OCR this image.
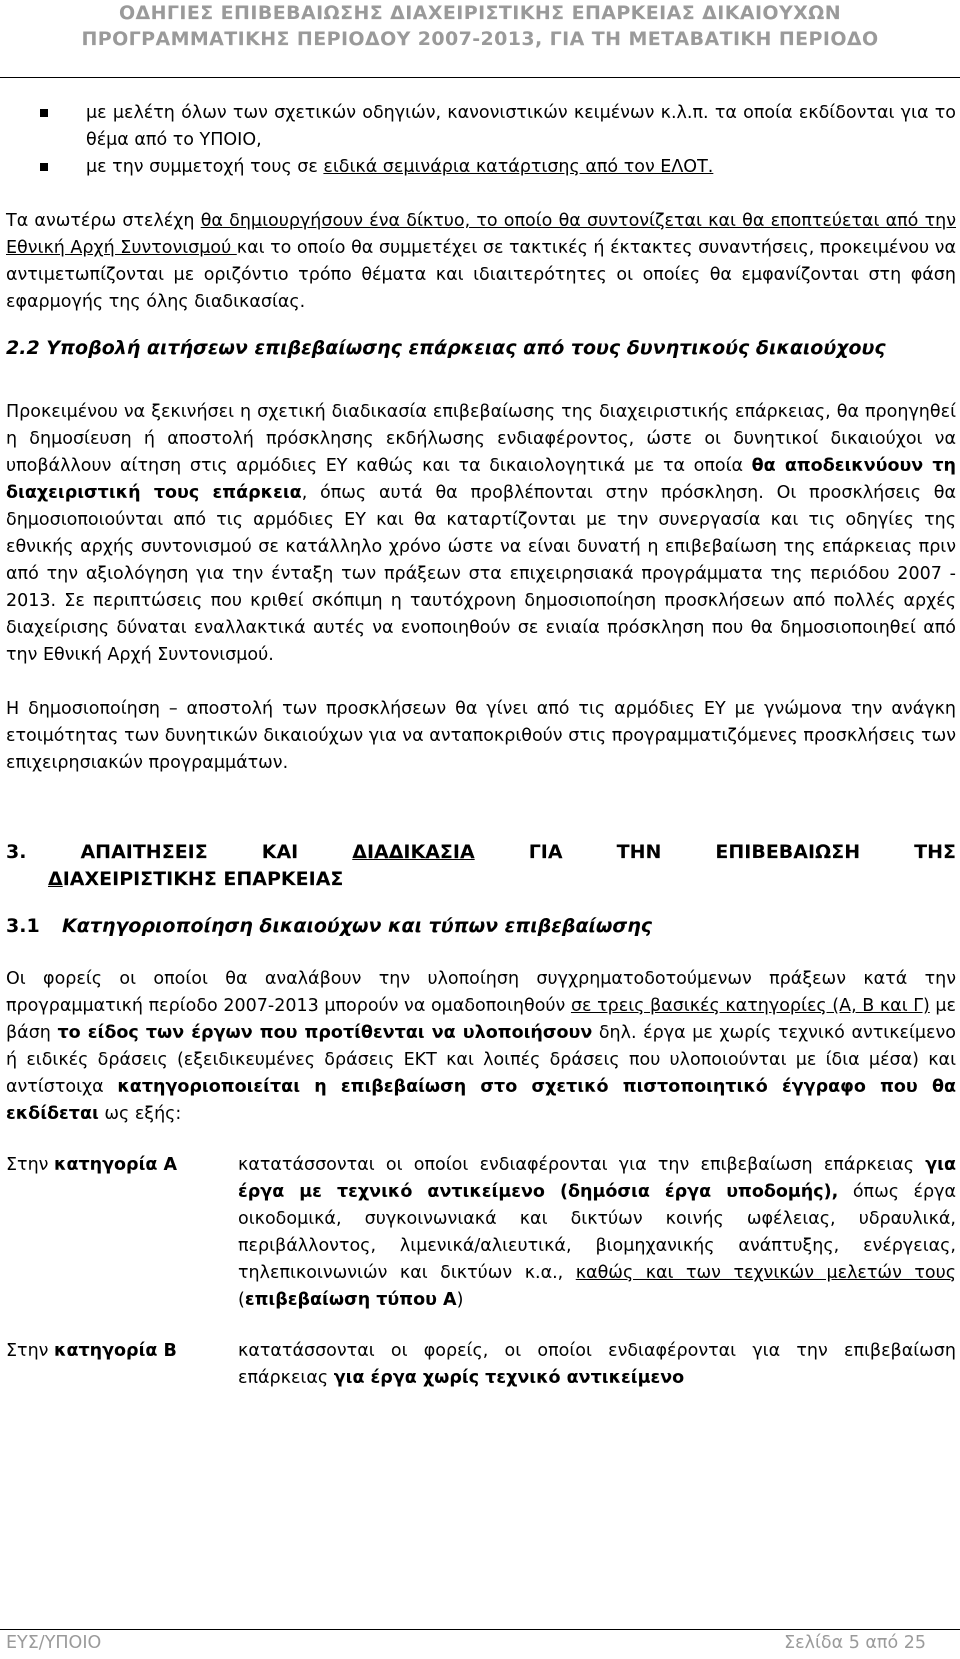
ΟΔΗΓΙΕΣ ΕΠΙΒΕΒΑΙΩΣΗΣ ΔΙΑΧΕΙΡΙΣΤΙΚΗΣ ΕΠΑΡΚΕΙΑΣ ΔΙΚΑΙΟΥΧΩΝ
ΠΡΟΓΡΑΜΜΑΤΙΚΗΣ ΠΕΡΙΟΔΟΥ 2007-2013, ΓΙΑ ΤΗ ΜΕΤΑΒΑΤΙΚΗ ΠΕΡΙΟΔΟ
με μελέτη όλων των σχετικών οδηγιών, κανονιστικών κειμένων κ.λ.π. τα οποία εκδίδονται για το θέμα από το ΥΠΟΙΟ,
με την συμμετοχή τους σε ειδικά σεμινάρια κατάρτισης από τον ΕΛΟΤ.

Τα ανωτέρω στελέχη θα δημιουργήσουν ένα δίκτυο, το οποίο θα συντονίζεται και θα εποπτεύεται από την Εθνική Αρχή Συντονισμού και το οποίο θα συμμετέχει σε τακτικές ή έκτακτες συναντήσεις, προκειμένου να αντιμετωπίζονται με οριζόντιο τρόπο θέματα και ιδιαιτερότητες οι οποίες θα εμφανίζονται στη φάση εφαρμογής της όλης διαδικασίας.

2.2 Υποβολή αιτήσεων επιβεβαίωσης επάρκειας από τους δυνητικούς δικαιούχους

Προκειμένου να ξεκινήσει η σχετική διαδικασία επιβεβαίωσης της διαχειριστικής επάρκειας, θα προηγηθεί η δημοσίευση ή αποστολή πρόσκλησης εκδήλωσης ενδιαφέροντος, ώστε οι δυνητικοί δικαιούχοι να υποβάλλουν αίτηση στις αρμόδιες ΕΥ καθώς και τα δικαιολογητικά με τα οποία θα αποδεικνύουν τη διαχειριστική τους επάρκεια, όπως αυτά θα προβλέπονται στην πρόσκληση. Οι προσκλήσεις θα δημοσιοποιούνται από τις αρμόδιες ΕΥ και θα καταρτίζονται με την συνεργασία και τις οδηγίες της εθνικής αρχής συντονισμού σε κατάλληλο χρόνο ώστε να είναι δυνατή η επιβεβαίωση της επάρκειας πριν από την αξιολόγηση για την ένταξη των πράξεων στα επιχειρησιακά προγράμματα της περιόδου 2007 - 2013. Σε περιπτώσεις που κριθεί σκόπιμη η ταυτόχρονη δημοσιοποίηση προσκλήσεων από πολλές αρχές διαχείρισης δύναται εναλλακτικά αυτές να ενοποιηθούν σε ενιαία πρόσκληση που θα δημοσιοποιηθεί από την Εθνική Αρχή Συντονισμού.

Η δημοσιοποίηση – αποστολή των προσκλήσεων θα γίνει από τις αρμόδιες ΕΥ με γνώμονα την ανάγκη ετοιμότητας των δυνητικών δικαιούχων για να ανταποκριθούν στις προγραμματιζόμενες προσκλήσεις των επιχειρησιακών προγραμμάτων.

3.	ΑΠΑΙΤΗΣΕΙΣ	ΚΑΙ	ΔΙΑΔΙΚΑΣΙΑ	ΓΙΑ	ΤΗΝ	ΕΠΙΒΕΒΑΙΩΣΗ	ΤΗΣ
ΔΙΑΧΕΙΡΙΣΤΙΚΗΣ ΕΠΑΡΚΕΙΑΣ
3.1	Κατηγοριοποίηση δικαιούχων και τύπων επιβεβαίωσης

Οι φορείς οι οποίοι θα αναλάβουν την υλοποίηση συγχρηματοδοτούμενων πράξεων κατά την προγραμματική περίοδο 2007-2013 μπορούν να ομαδοποιηθούν σε τρεις βασικές κατηγορίες (Α, Β και Γ) με βάση το είδος των έργων που προτίθενται να υλοποιήσουν δηλ. έργα με χωρίς τεχνικό αντικείμενο ή ειδικές δράσεις (εξειδικευμένες δράσεις ΕΚΤ και λοιπές δράσεις που υλοποιούνται με ίδια μέσα) και αντίστοιχα κατηγοριοποιείται η επιβεβαίωση στο σχετικό πιστοποιητικό έγγραφο που θα εκδίδεται ως εξής:

Στην κατηγορία Α	κατατάσσονται οι οποίοι ενδιαφέρονται για την επιβεβαίωση επάρκειας για έργα με τεχνικό αντικείμενο (δημόσια έργα υποδομής), όπως έργα οικοδομικά, συγκοινωνιακά και δικτύων κοινής ωφέλειας, υδραυλικά, περιβάλλοντος, λιμενικά/αλιευτικά, βιομηχανικής ανάπτυξης, ενέργειας, τηλεπικοινωνιών και δικτύων κ.α., καθώς και των τεχνικών μελετών τους (επιβεβαίωση τύπου Α)
Στην κατηγορία Β	κατατάσσονται οι φορείς, οι οποίοι ενδιαφέρονται για την επιβεβαίωση επάρκειας για έργα χωρίς τεχνικό αντικείμενο
ΕΥΣ/ΥΠΟΙΟ	Σελίδα 5 από 25
